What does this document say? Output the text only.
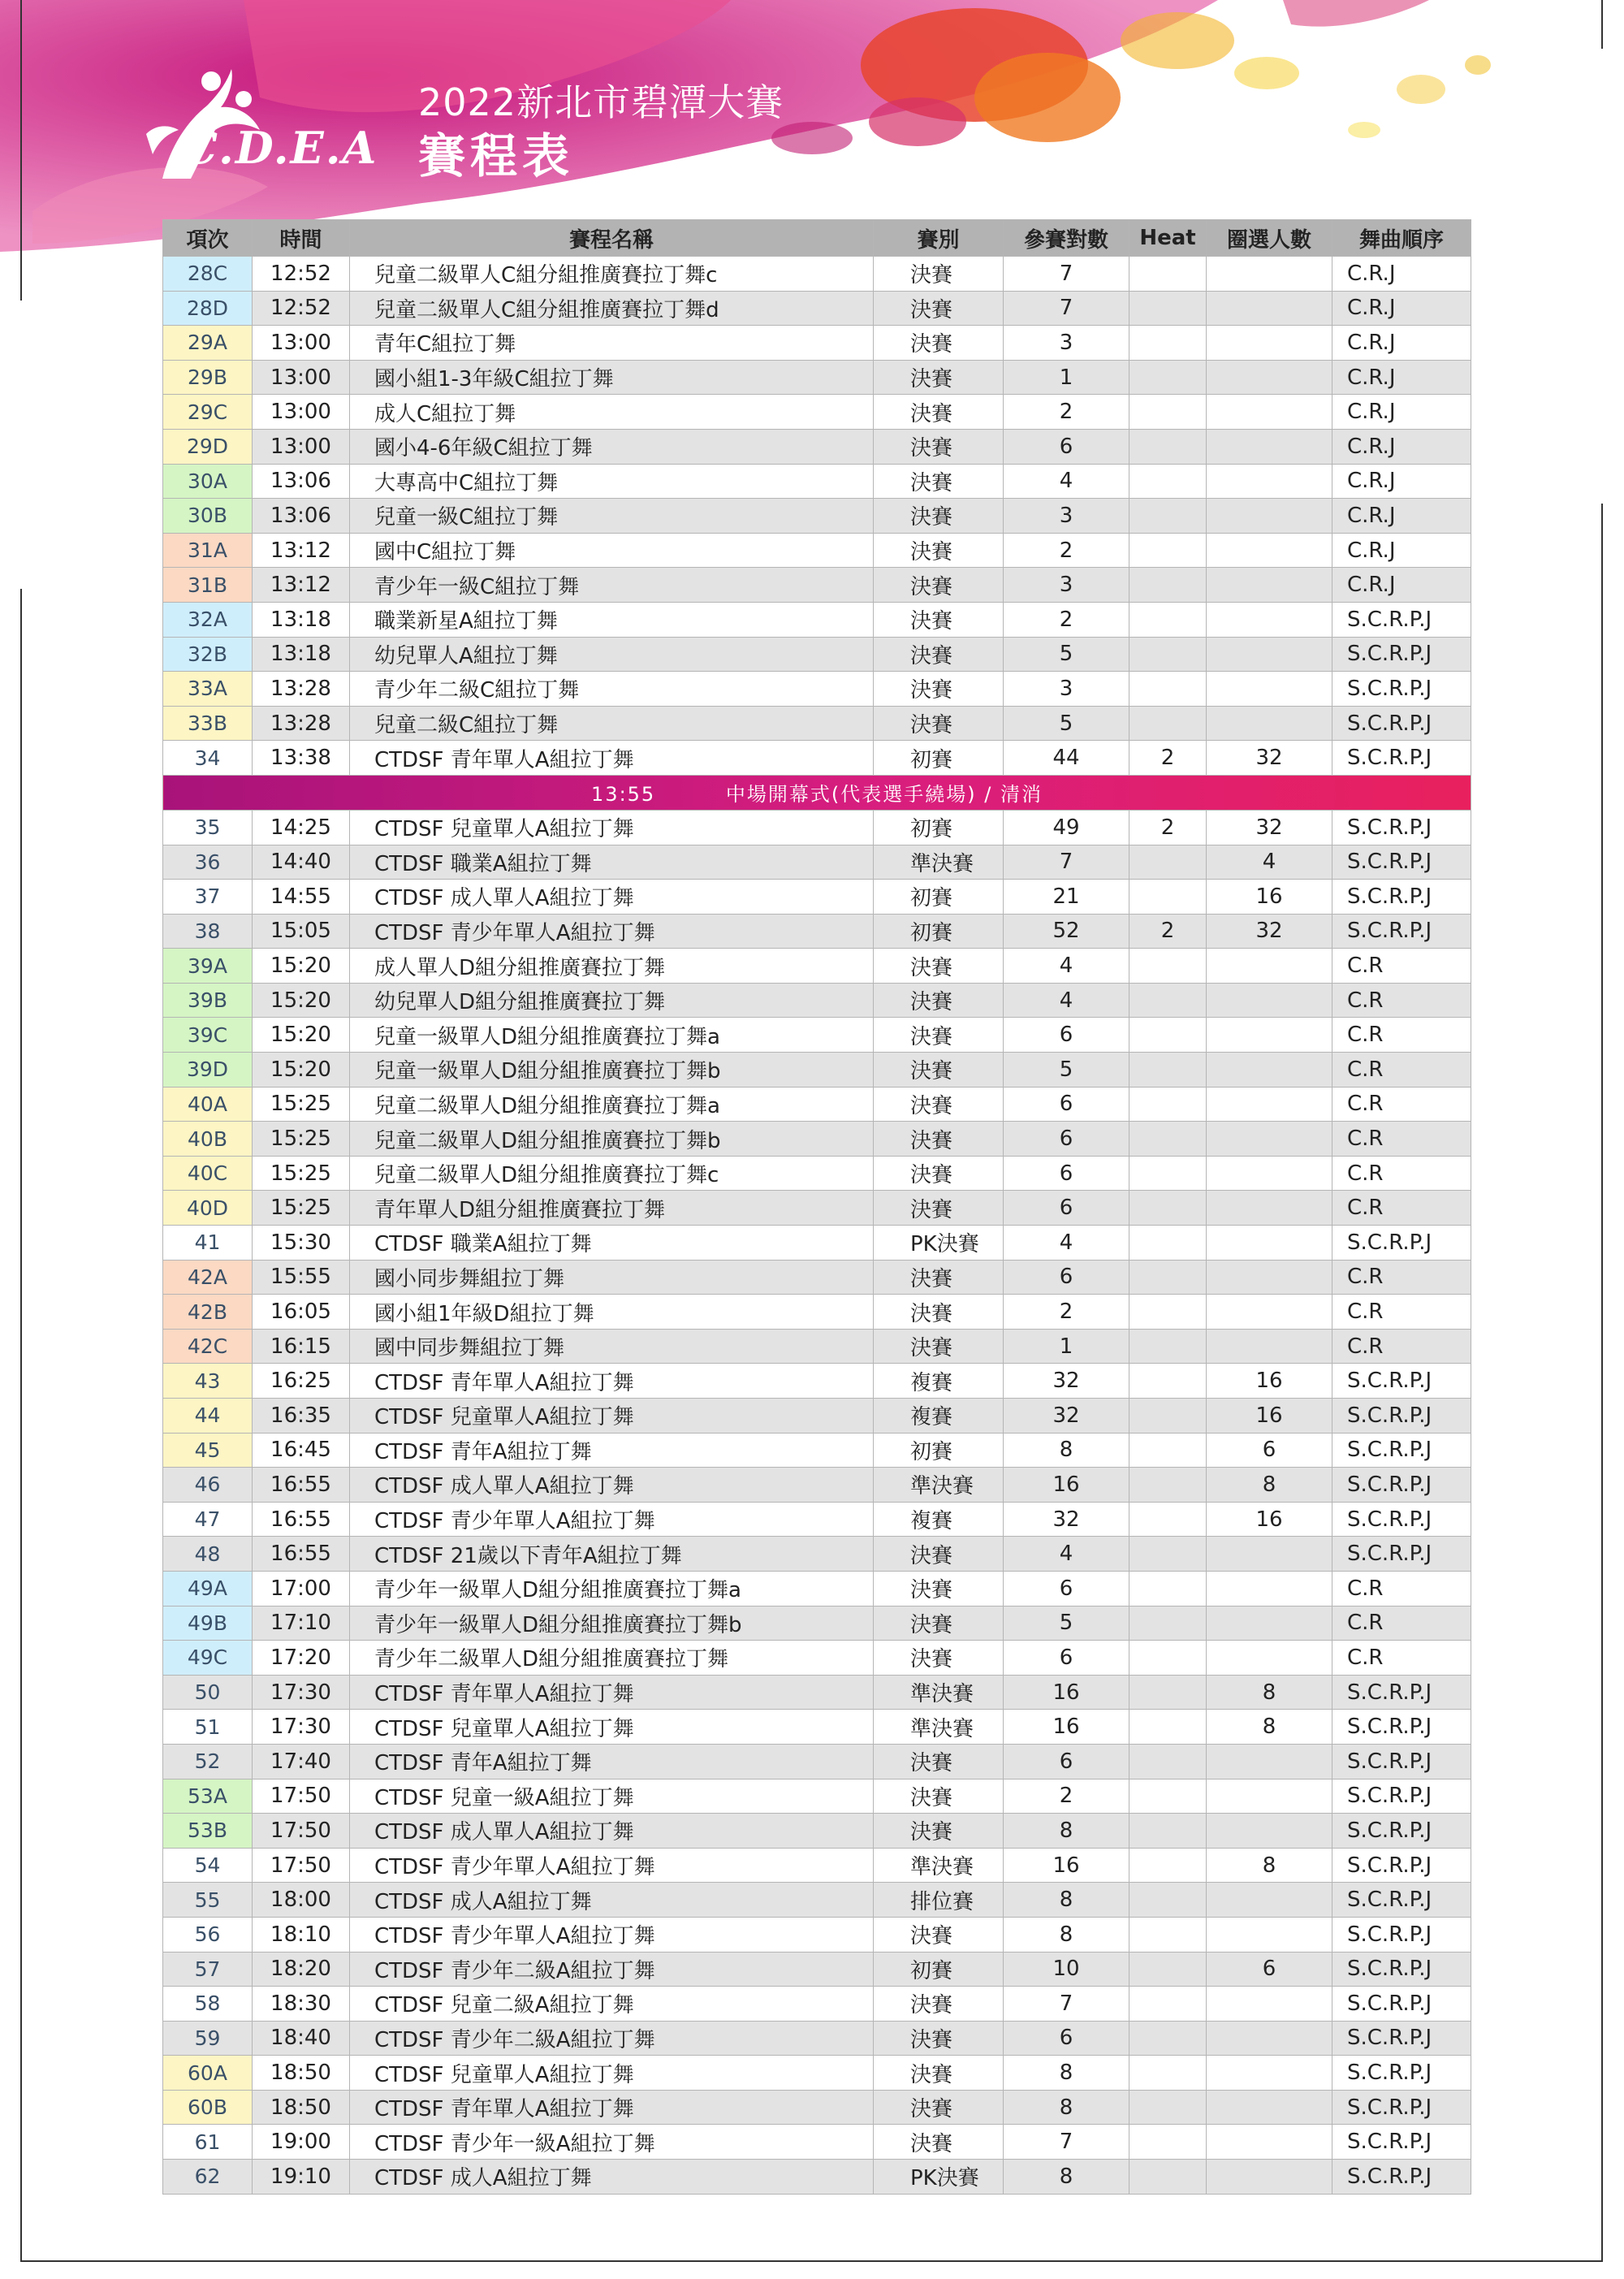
C.D.E.A
2022新北市碧潭大賽
賽程表
項次	時間	賽程名稱	賽別	參賽對數	Heat	圈選人數	舞曲順序
28C	12:52	兒童二級單人C組分組推廣賽拉丁舞c	決賽	7			C.R.J
28D	12:52	兒童二級單人C組分組推廣賽拉丁舞d	決賽	7			C.R.J
29A	13:00	青年C組拉丁舞	決賽	3			C.R.J
29B	13:00	國小組1-3年級C組拉丁舞	決賽	1			C.R.J
29C	13:00	成人C組拉丁舞	決賽	2			C.R.J
29D	13:00	國小4-6年級C組拉丁舞	決賽	6			C.R.J
30A	13:06	大專高中C組拉丁舞	決賽	4			C.R.J
30B	13:06	兒童一級C組拉丁舞	決賽	3			C.R.J
31A	13:12	國中C組拉丁舞	決賽	2			C.R.J
31B	13:12	青少年一級C組拉丁舞	決賽	3			C.R.J
32A	13:18	職業新星A組拉丁舞	決賽	2			S.C.R.P.J
32B	13:18	幼兒單人A組拉丁舞	決賽	5			S.C.R.P.J
33A	13:28	青少年二級C組拉丁舞	決賽	3			S.C.R.P.J
33B	13:28	兒童二級C組拉丁舞	決賽	5			S.C.R.P.J
34	13:38	CTDSF 青年單人A組拉丁舞	初賽	44	2	32	S.C.R.P.J
13:55 中場開幕式(代表選手繞場) / 清消							
35	14:25	CTDSF 兒童單人A組拉丁舞	初賽	49	2	32	S.C.R.P.J
36	14:40	CTDSF 職業A組拉丁舞	準決賽	7		4	S.C.R.P.J
37	14:55	CTDSF 成人單人A組拉丁舞	初賽	21		16	S.C.R.P.J
38	15:05	CTDSF 青少年單人A組拉丁舞	初賽	52	2	32	S.C.R.P.J
39A	15:20	成人單人D組分組推廣賽拉丁舞	決賽	4			C.R
39B	15:20	幼兒單人D組分組推廣賽拉丁舞	決賽	4			C.R
39C	15:20	兒童一級單人D組分組推廣賽拉丁舞a	決賽	6			C.R
39D	15:20	兒童一級單人D組分組推廣賽拉丁舞b	決賽	5			C.R
40A	15:25	兒童二級單人D組分組推廣賽拉丁舞a	決賽	6			C.R
40B	15:25	兒童二級單人D組分組推廣賽拉丁舞b	決賽	6			C.R
40C	15:25	兒童二級單人D組分組推廣賽拉丁舞c	決賽	6			C.R
40D	15:25	青年單人D組分組推廣賽拉丁舞	決賽	6			C.R
41	15:30	CTDSF 職業A組拉丁舞	PK決賽	4			S.C.R.P.J
42A	15:55	國小同步舞組拉丁舞	決賽	6			C.R
42B	16:05	國小組1年級D組拉丁舞	決賽	2			C.R
42C	16:15	國中同步舞組拉丁舞	決賽	1			C.R
43	16:25	CTDSF 青年單人A組拉丁舞	複賽	32		16	S.C.R.P.J
44	16:35	CTDSF 兒童單人A組拉丁舞	複賽	32		16	S.C.R.P.J
45	16:45	CTDSF 青年A組拉丁舞	初賽	8		6	S.C.R.P.J
46	16:55	CTDSF 成人單人A組拉丁舞	準決賽	16		8	S.C.R.P.J
47	16:55	CTDSF 青少年單人A組拉丁舞	複賽	32		16	S.C.R.P.J
48	16:55	CTDSF 21歲以下青年A組拉丁舞	決賽	4			S.C.R.P.J
49A	17:00	青少年一級單人D組分組推廣賽拉丁舞a	決賽	6			C.R
49B	17:10	青少年一級單人D組分組推廣賽拉丁舞b	決賽	5			C.R
49C	17:20	青少年二級單人D組分組推廣賽拉丁舞	決賽	6			C.R
50	17:30	CTDSF 青年單人A組拉丁舞	準決賽	16		8	S.C.R.P.J
51	17:30	CTDSF 兒童單人A組拉丁舞	準決賽	16		8	S.C.R.P.J
52	17:40	CTDSF 青年A組拉丁舞	決賽	6			S.C.R.P.J
53A	17:50	CTDSF 兒童一級A組拉丁舞	決賽	2			S.C.R.P.J
53B	17:50	CTDSF 成人單人A組拉丁舞	決賽	8			S.C.R.P.J
54	17:50	CTDSF 青少年單人A組拉丁舞	準決賽	16		8	S.C.R.P.J
55	18:00	CTDSF 成人A組拉丁舞	排位賽	8			S.C.R.P.J
56	18:10	CTDSF 青少年單人A組拉丁舞	決賽	8			S.C.R.P.J
57	18:20	CTDSF 青少年二級A組拉丁舞	初賽	10		6	S.C.R.P.J
58	18:30	CTDSF 兒童二級A組拉丁舞	決賽	7			S.C.R.P.J
59	18:40	CTDSF 青少年二級A組拉丁舞	決賽	6			S.C.R.P.J
60A	18:50	CTDSF 兒童單人A組拉丁舞	決賽	8			S.C.R.P.J
60B	18:50	CTDSF 青年單人A組拉丁舞	決賽	8			S.C.R.P.J
61	19:00	CTDSF 青少年一級A組拉丁舞	決賽	7			S.C.R.P.J
62	19:10	CTDSF 成人A組拉丁舞	PK決賽	8			S.C.R.P.J
